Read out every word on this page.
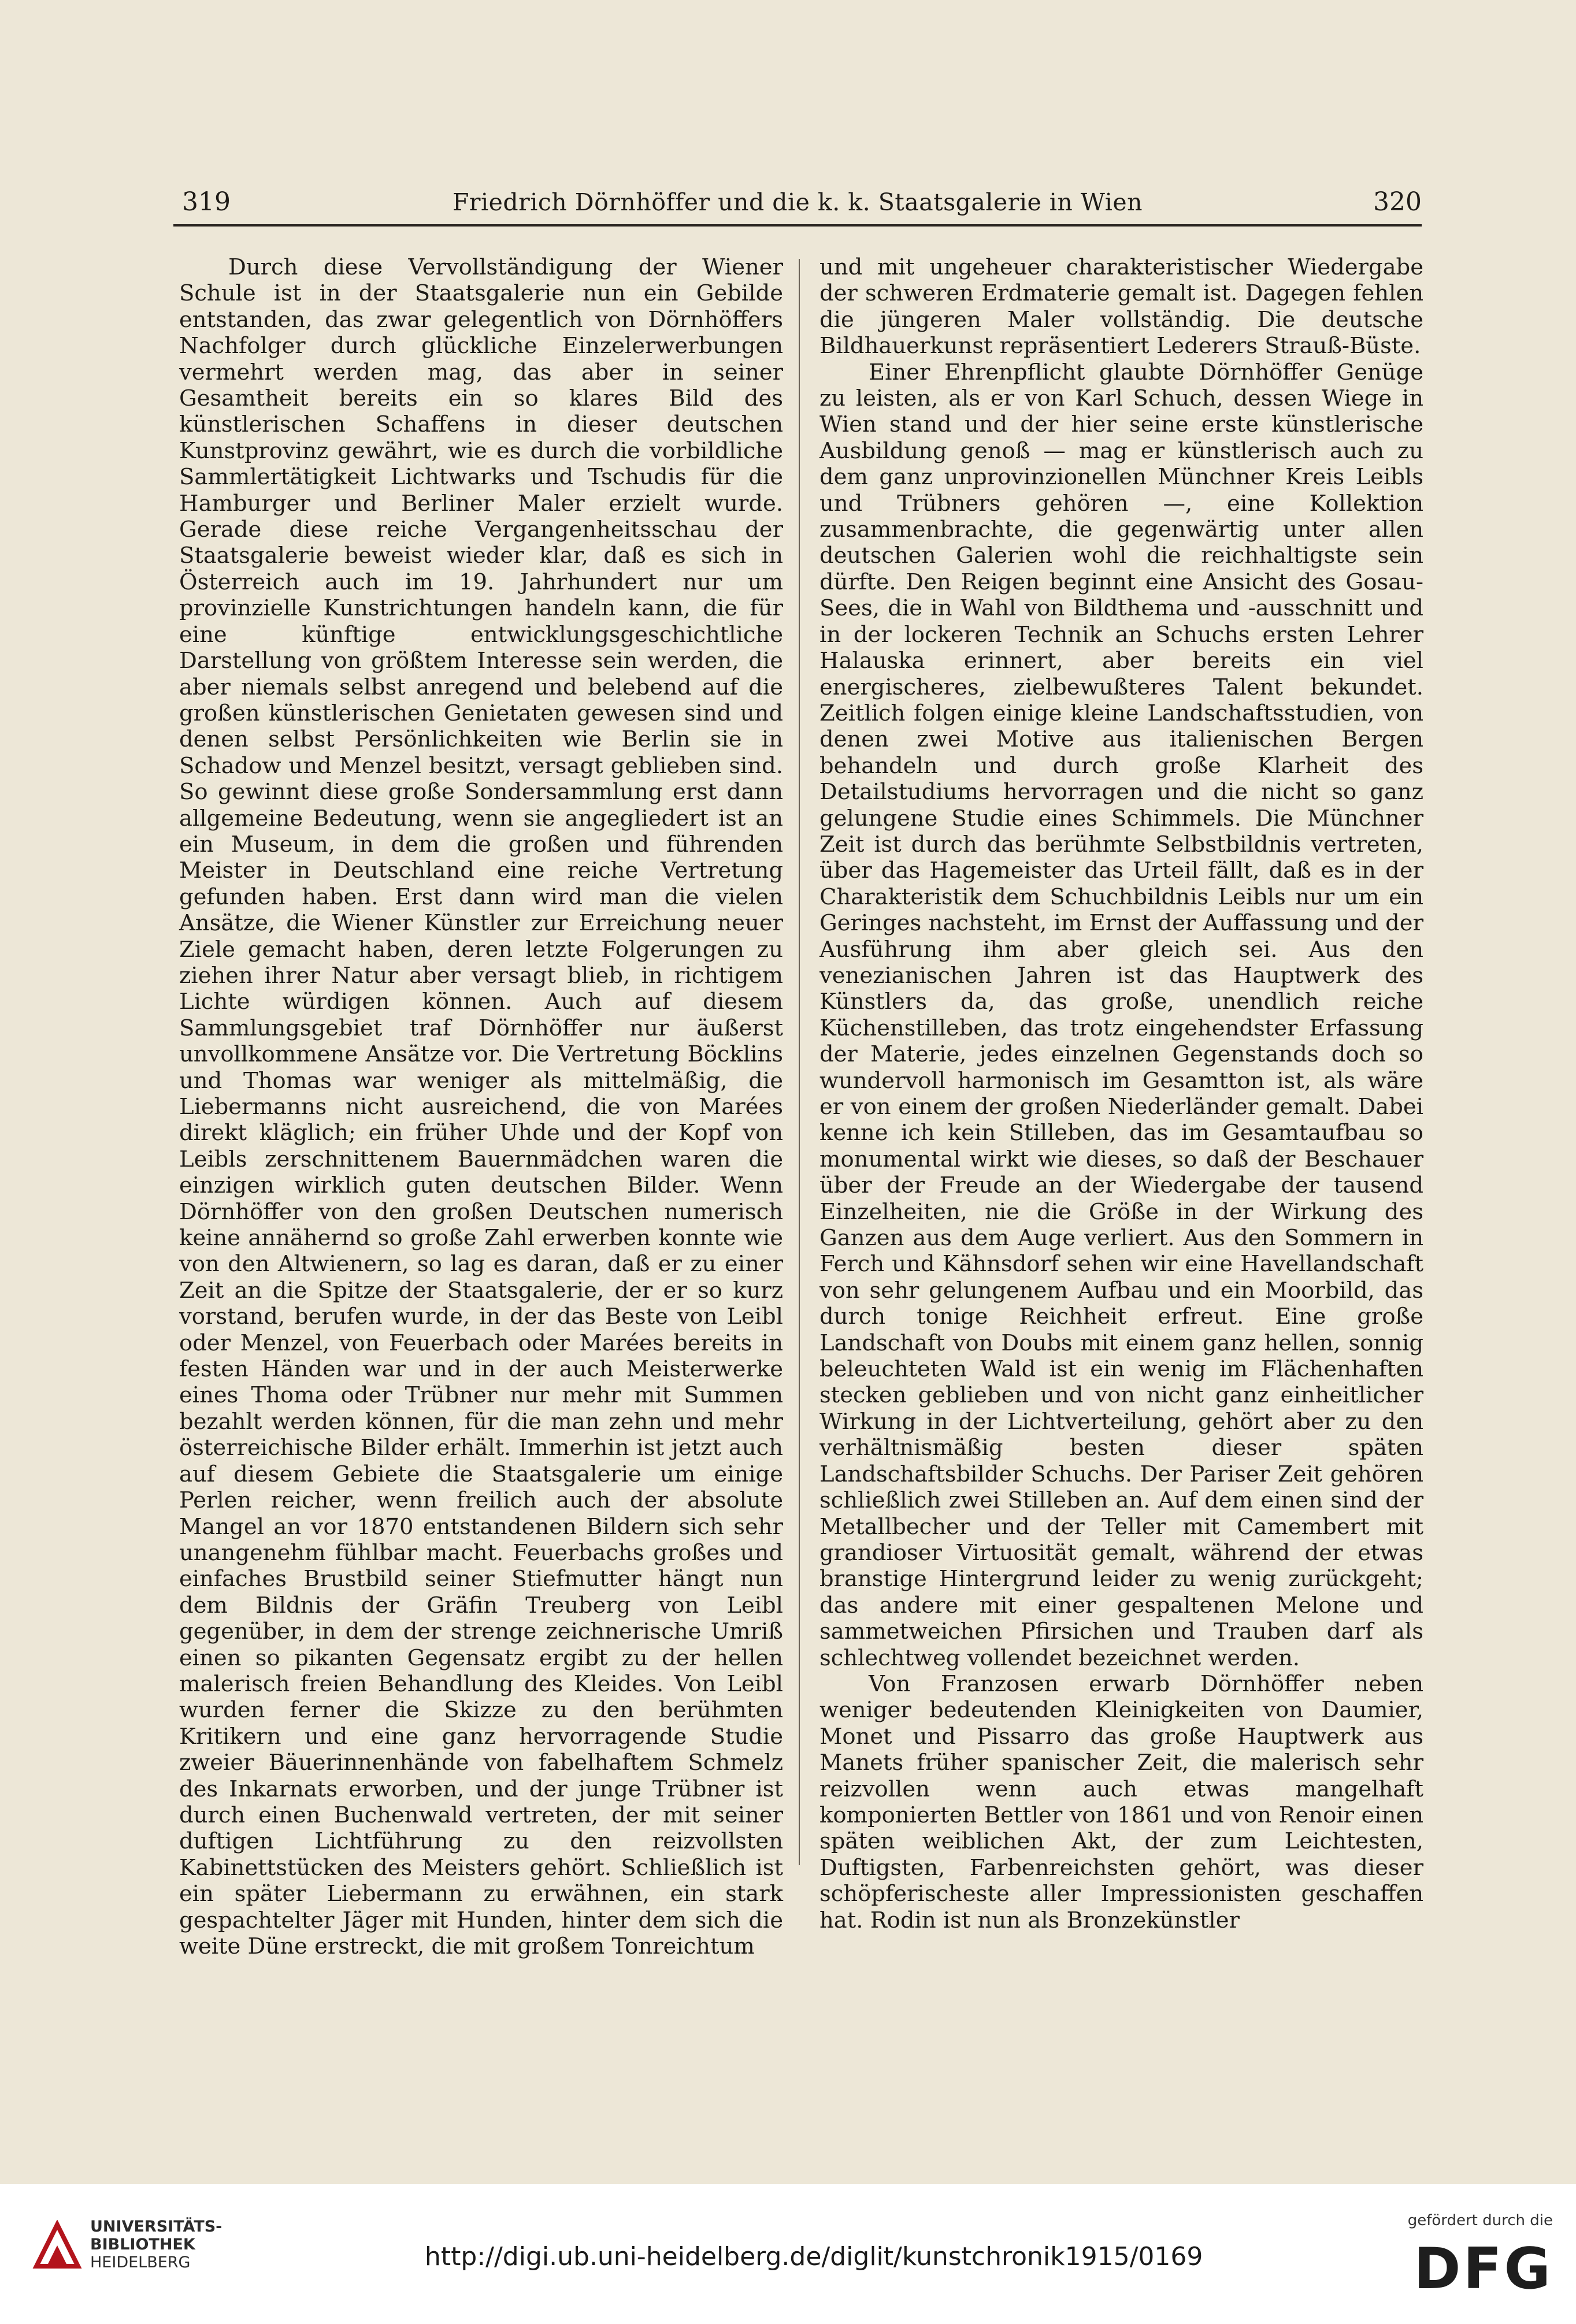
319	Friedrich Dörnhöffer und die k. k. Staatsgalerie in Wien	320

Durch diese Vervollständigung der Wiener Schule ist in der Staatsgalerie nun ein Gebilde entstanden, das zwar gelegentlich von Dörnhöffers Nachfolger durch glückliche Einzelerwerbungen vermehrt werden mag, das aber in seiner Gesamtheit bereits ein so klares Bild des künstlerischen Schaffens in dieser deutschen Kunstprovinz gewährt, wie es durch die vorbildliche Sammlertätigkeit Lichtwarks und Tschudis für die Hamburger und Berliner Maler erzielt wurde. Gerade diese reiche Vergangenheitsschau der Staatsgalerie beweist wieder klar, daß es sich in Österreich auch im 19. Jahrhundert nur um provinzielle Kunstrichtungen handeln kann, die für eine künftige entwicklungsgeschichtliche Darstellung von größtem Interesse sein werden, die aber niemals selbst anregend und belebend auf die großen künstlerischen Genietaten gewesen sind und denen selbst Persönlichkeiten wie Berlin sie in Schadow und Menzel besitzt, versagt geblieben sind. So gewinnt diese große Sondersammlung erst dann allgemeine Bedeutung, wenn sie angegliedert ist an ein Museum, in dem die großen und führenden Meister in Deutschland eine reiche Vertretung gefunden haben. Erst dann wird man die vielen Ansätze, die Wiener Künstler zur Erreichung neuer Ziele gemacht haben, deren letzte Folgerungen zu ziehen ihrer Natur aber versagt blieb, in richtigem Lichte würdigen können. Auch auf diesem Sammlungsgebiet traf Dörnhöffer nur äußerst unvollkommene Ansätze vor. Die Vertretung Böcklins und Thomas war weniger als mittelmäßig, die Liebermanns nicht ausreichend, die von Marées direkt kläglich; ein früher Uhde und der Kopf von Leibls zerschnittenem Bauernmädchen waren die einzigen wirklich guten deutschen Bilder. Wenn Dörnhöffer von den großen Deutschen numerisch keine annähernd so große Zahl erwerben konnte wie von den Altwienern, so lag es daran, daß er zu einer Zeit an die Spitze der Staatsgalerie, der er so kurz vorstand, berufen wurde, in der das Beste von Leibl oder Menzel, von Feuerbach oder Marées bereits in festen Händen war und in der auch Meisterwerke eines Thoma oder Trübner nur mehr mit Summen bezahlt werden können, für die man zehn und mehr österreichische Bilder erhält. Immerhin ist jetzt auch auf diesem Gebiete die Staatsgalerie um einige Perlen reicher, wenn freilich auch der absolute Mangel an vor 1870 entstandenen Bildern sich sehr unangenehm fühlbar macht. Feuerbachs großes und einfaches Brustbild seiner Stiefmutter hängt nun dem Bildnis der Gräfin Treuberg von Leibl gegenüber, in dem der strenge zeichnerische Umriß einen so pikanten Gegensatz ergibt zu der hellen malerisch freien Behandlung des Kleides. Von Leibl wurden ferner die Skizze zu den berühmten Kritikern und eine ganz hervorragende Studie zweier Bäuerinnenhände von fabelhaftem Schmelz des Inkarnats erworben, und der junge Trübner ist durch einen Buchenwald vertreten, der mit seiner duftigen Lichtführung zu den reizvollsten Kabinettstücken des Meisters gehört. Schließlich ist ein später Liebermann zu erwähnen, ein stark gespachtelter Jäger mit Hunden, hinter dem sich die weite Düne erstreckt, die mit großem Tonreichtum

und mit ungeheuer charakteristischer Wiedergabe der schweren Erdmaterie gemalt ist. Dagegen fehlen die jüngeren Maler vollständig. Die deutsche Bildhauerkunst repräsentiert Lederers Strauß-Büste.

Einer Ehrenpflicht glaubte Dörnhöffer Genüge zu leisten, als er von Karl Schuch, dessen Wiege in Wien stand und der hier seine erste künstlerische Ausbildung genoß — mag er künstlerisch auch zu dem ganz unprovinzionellen Münchner Kreis Leibls und Trübners gehören —, eine Kollektion zusammenbrachte, die gegenwärtig unter allen deutschen Galerien wohl die reichhaltigste sein dürfte. Den Reigen beginnt eine Ansicht des Gosau-Sees, die in Wahl von Bildthema und -ausschnitt und in der lockeren Technik an Schuchs ersten Lehrer Halauska erinnert, aber bereits ein viel energischeres, zielbewußteres Talent bekundet. Zeitlich folgen einige kleine Landschaftsstudien, von denen zwei Motive aus italienischen Bergen behandeln und durch große Klarheit des Detailstudiums hervorragen und die nicht so ganz gelungene Studie eines Schimmels. Die Münchner Zeit ist durch das berühmte Selbstbildnis vertreten, über das Hagemeister das Urteil fällt, daß es in der Charakteristik dem Schuchbildnis Leibls nur um ein Geringes nachsteht, im Ernst der Auffassung und der Ausführung ihm aber gleich sei. Aus den venezianischen Jahren ist das Hauptwerk des Künstlers da, das große, unendlich reiche Küchenstilleben, das trotz eingehendster Erfassung der Materie, jedes einzelnen Gegenstands doch so wundervoll harmonisch im Gesamtton ist, als wäre er von einem der großen Niederländer gemalt. Dabei kenne ich kein Stilleben, das im Gesamtaufbau so monumental wirkt wie dieses, so daß der Beschauer über der Freude an der Wiedergabe der tausend Einzelheiten, nie die Größe in der Wirkung des Ganzen aus dem Auge verliert. Aus den Sommern in Ferch und Kähnsdorf sehen wir eine Havellandschaft von sehr gelungenem Aufbau und ein Moorbild, das durch tonige Reichheit erfreut. Eine große Landschaft von Doubs mit einem ganz hellen, sonnig beleuchteten Wald ist ein wenig im Flächenhaften stecken geblieben und von nicht ganz einheitlicher Wirkung in der Lichtverteilung, gehört aber zu den verhältnismäßig besten dieser späten Landschaftsbilder Schuchs. Der Pariser Zeit gehören schließlich zwei Stilleben an. Auf dem einen sind der Metallbecher und der Teller mit Camembert mit grandioser Virtuosität gemalt, während der etwas branstige Hintergrund leider zu wenig zurückgeht; das andere mit einer gespaltenen Melone und sammetweichen Pfirsichen und Trauben darf als schlechtweg vollendet bezeichnet werden.

Von Franzosen erwarb Dörnhöffer neben weniger bedeutenden Kleinigkeiten von Daumier, Monet und Pissarro das große Hauptwerk aus Manets früher spanischer Zeit, die malerisch sehr reizvollen wenn auch etwas mangelhaft komponierten Bettler von 1861 und von Renoir einen späten weiblichen Akt, der zum Leichtesten, Duftigsten, Farbenreichsten gehört, was dieser schöpferischeste aller Impressionisten geschaffen hat. Rodin ist nun als Bronzekünstler

UNIVERSITÄTS-
BIBLIOTHEK
HEIDELBERG	http://digi.ub.uni-heidelberg.de/diglit/kunstchronik1915/0169
gefördert durch die
DFG
